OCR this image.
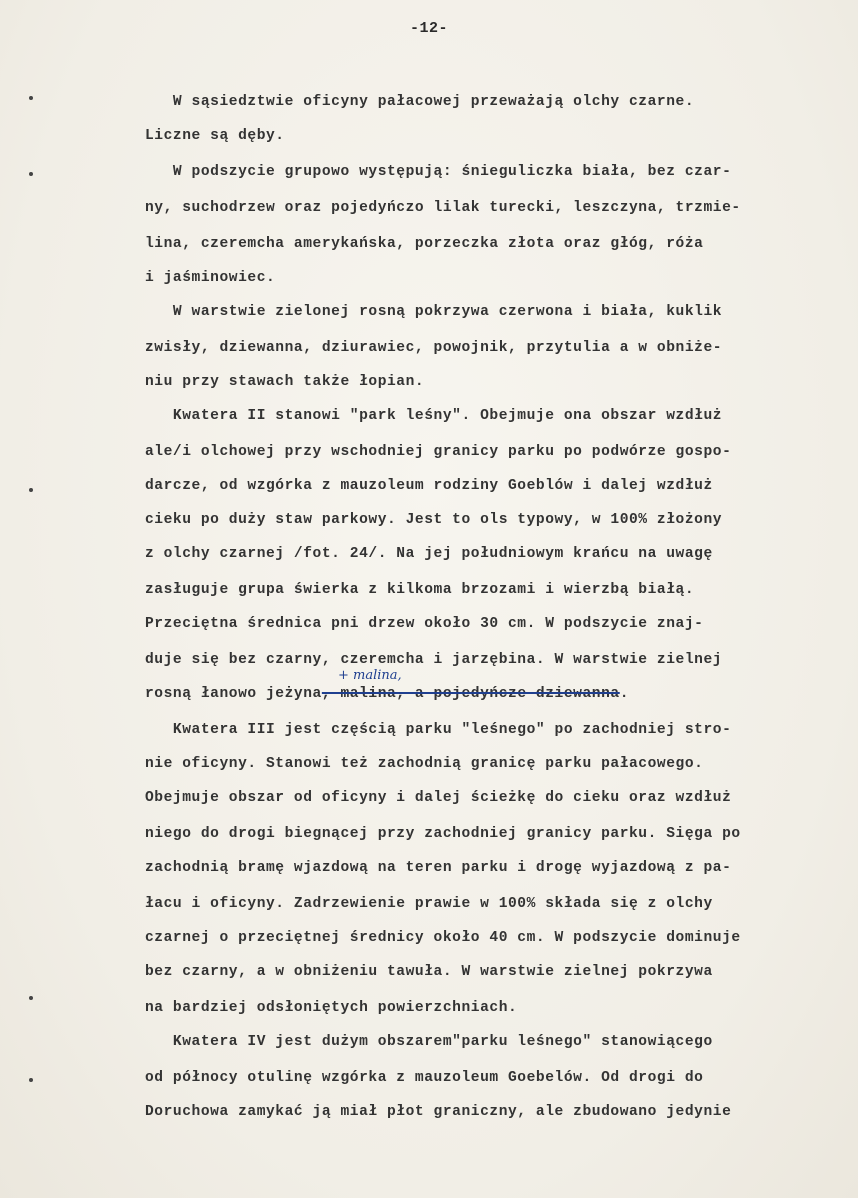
-12-
W sąsiedztwie oficyny pałacowej przeważają olchy czarne.
Liczne są dęby.
W podszycie grupowo występują: śnieguliczka biała, bez czar-
ny, suchodrzew oraz pojedyńczo lilak turecki, leszczyna, trzmie-
lina, czeremcha amerykańska, porzeczka złota oraz głóg, róża
i jaśminowiec.
W warstwie zielonej rosną pokrzywa czerwona i biała, kuklik
zwisły, dziewanna, dziurawiec, powojnik, przytulia a w obniże-
niu przy stawach także łopian.
Kwatera II stanowi "park leśny". Obejmuje ona obszar wzdłuż
ale/i olchowej przy wschodniej granicy parku po podwórze gospo-
darcze, od wzgórka z mauzoleum rodziny Goeblów i dalej wzdłuż
cieku po duży staw parkowy. Jest to ols typowy, w 100% złożony
z olchy czarnej /fot. 24/. Na jej południowym krańcu na uwagę
zasługuje grupa świerka z kilkoma brzozami i wierzbą białą.
Przeciętna średnica pni drzew około 30 cm. W podszycie znaj-
duje się bez czarny, czeremcha i jarzębina. W warstwie zielnej
+ malina,
rosną łanowo jeżyna, malina, a pojedyńcze dziewanna.
Kwatera III jest częścią parku "leśnego" po zachodniej stro-
nie oficyny. Stanowi też zachodnią granicę parku pałacowego.
Obejmuje obszar od oficyny i dalej ścieżkę do cieku oraz wzdłuż
niego do drogi biegnącej przy zachodniej granicy parku. Sięga po
zachodnią bramę wjazdową na teren parku i drogę wyjazdową z pa-
łacu i oficyny. Zadrzewienie prawie w 100% składa się z olchy
czarnej o przeciętnej średnicy około 40 cm. W podszycie dominuje
bez czarny, a w obniżeniu tawuła. W warstwie zielnej pokrzywa
na bardziej odsłoniętych powierzchniach.
Kwatera IV jest dużym obszarem"parku leśnego" stanowiącego
od północy otulinę wzgórka z mauzoleum Goebelów. Od drogi do
Doruchowa zamykać ją miał płot graniczny, ale zbudowano jedynie
